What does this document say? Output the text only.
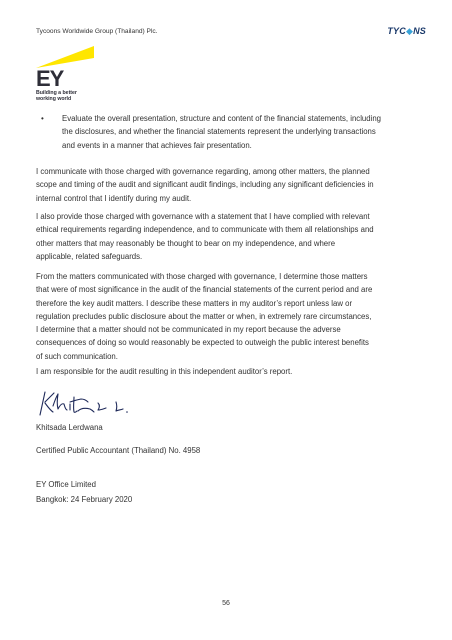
Tycoons Worldwide Group (Thailand) Plc.	TYC◆NS
EY
Building a better
working world
• Evaluate the overall presentation, structure and content of the financial statements, including
the disclosures, and whether the financial statements represent the underlying transactions
and events in a manner that achieves fair presentation.
I communicate with those charged with governance regarding, among other matters, the planned
scope and timing of the audit and significant audit findings, including any significant deficiencies in
internal control that I identify during my audit.
I also provide those charged with governance with a statement that I have complied with relevant
ethical requirements regarding independence, and to communicate with them all relationships and
other matters that may reasonably be thought to bear on my independence, and where
applicable, related safeguards.
From the matters communicated with those charged with governance, I determine those matters
that were of most significance in the audit of the financial statements of the current period and are
therefore the key audit matters. I describe these matters in my auditor’s report unless law or
regulation precludes public disclosure about the matter or when, in extremely rare circumstances,
I determine that a matter should not be communicated in my report because the adverse
consequences of doing so would reasonably be expected to outweigh the public interest benefits
of such communication.
I am responsible for the audit resulting in this independent auditor’s report.
Khitsada Lerdwana
Certified Public Accountant (Thailand) No. 4958
EY Office Limited
Bangkok: 24 February 2020
56
